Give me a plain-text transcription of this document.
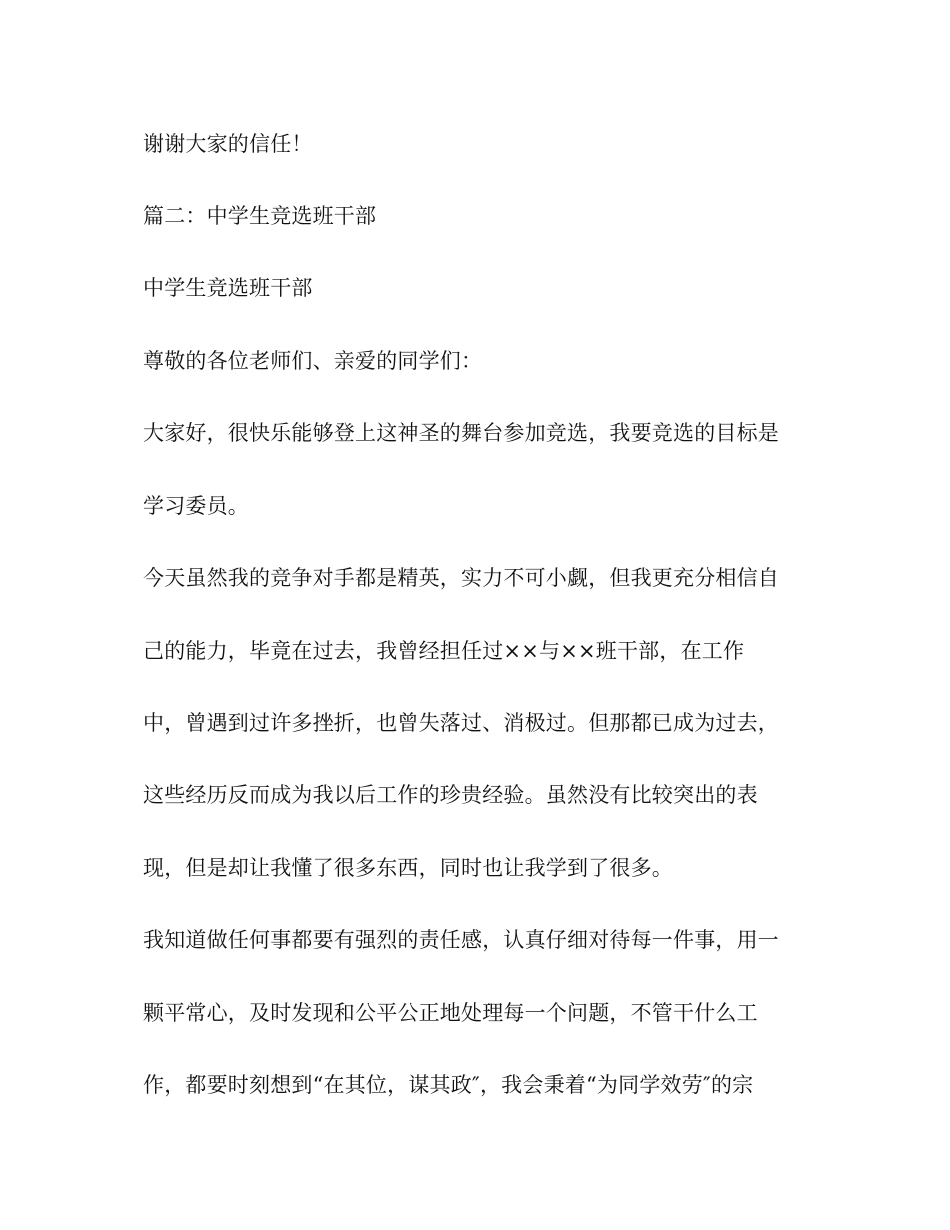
谢谢大家的信任！
篇二：中学生竞选班干部
中学生竞选班干部
尊敬的各位老师们、亲爱的同学们：
大家好，很快乐能够登上这神圣的舞台参加竞选，我要竞选的目标是
学习委员。
今天虽然我的竞争对手都是精英，实力不可小觑，但我更充分相信自
己的能力，毕竟在过去，我曾经担任过××与××班干部，在工作
中，曾遇到过许多挫折，也曾失落过、消极过。但那都已成为过去，
这些经历反而成为我以后工作的珍贵经验。虽然没有比较突出的表
现，但是却让我懂了很多东西，同时也让我学到了很多。
我知道做任何事都要有强烈的责任感，认真仔细对待每一件事，用一
颗平常心，及时发现和公平公正地处理每一个问题，不管干什么工
作，都要时刻想到“在其位，谋其政″，我会秉着“为同学效劳″的宗
